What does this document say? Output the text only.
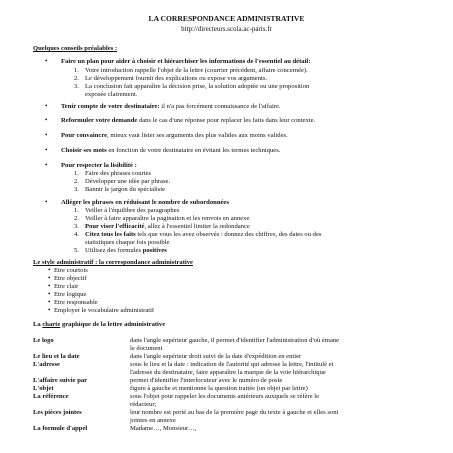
LA CORRESPONDANCE ADMINISTRATIVE
http://directeurs.scola.ac-paris.fr
Quelques conseils préalables :
• Faire un plan pour aider à choisir et hiérarchiser les informations de l'essentiel au détail:
1. Votre introduction rappelle l'objet de la lettre (courrier précédent, affaire concernée).
2. Le développement fournit des explications ou expose vos arguments.
3. La conclusion fait apparaître la décision prise, la solution adoptée ou une proposition
exposée clairement.
• Tenir compte de votre destinataire: il n'a pas forcément connaissance de l'affaire.
• Reformuler votre demande dans le cas d'une réponse pour replacer les faits dans leur contexte.
• Pour convaincre, mieux vaut lister ses arguments des plus valides aux moins valides.
• Choisir ses mots en fonction de votre destinataire en évitant les termes techniques.
• Pour respecter la lisibilité :
1. Faire des phrases courtes
2. Développer une idée par phrase.
3. Bannir le jargon du spécialiste
• Alléger les phrases en réduisant le nombre de subordonnées
1. Veiller à l'équilibre des paragraphes
2. Veiller à faire apparaître la pagination et les renvois en annexe
3. Pour viser l'efficacité, allez à l'essentiel limiter la redondance
4. Citez tous les faits tels que vous les avez observés : donnez des chiffres, des dates ou des
statistiques chaque fois possible
5. Utilisez des formules positives
Le style administratif : la correspondance administrative
•  Etre courtois
•  Etre objectif
•  Etre clair
•  Etre logique
•  Etre responsable
•  Employer le vocabulaire administratif
La charte graphique de la lettre administrative
Le logo	dans l'angle supérieur gauche, il permet d'identifier l'administration d'où émane
le document
Le lieu et la date	dans l'angle supérieur droit suivi de la date d'expédition en entier
L'adresse	sous le lieu et la date : indication de l'autorité qui adresse la lettre, l'intitulé et
l'adresse du destinataire, faire apparaître la marque de la voie hiérarchique
L'affaire suivie par	permet d'identifier l'interlocuteur avec le numéro de poste
L'objet	figure à gauche et mentionne la question traitée (un objet par lettre)
La référence	sous l'objet pour rappeler les documents antérieurs auxquels se réfère le
rédacteur;
Les pièces jointes	leur nombre est porté au bas de la première page du texte à gauche et elles sont
jointes en annexe
La formule d'appel	Madame…, Monsieur…,
